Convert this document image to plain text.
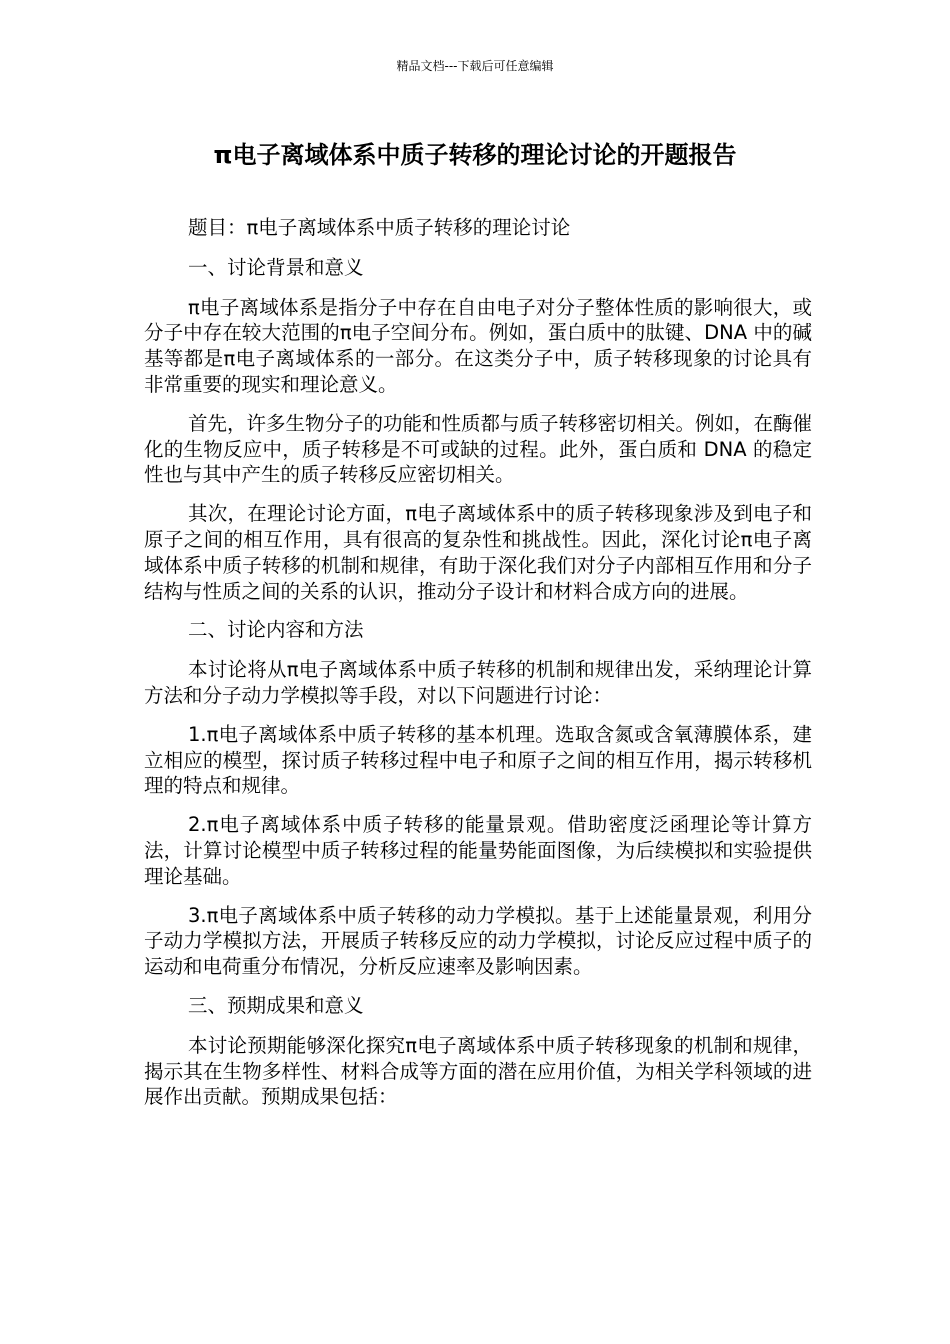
精品文档---下载后可任意编辑
π电子离域体系中质子转移的理论讨论的开题报告

题目：π电子离域体系中质子转移的理论讨论

一、讨论背景和意义

π电子离域体系是指分子中存在自由电子对分子整体性质的影响很大，或分子中存在较大范围的π电子空间分布。例如，蛋白质中的肽键、DNA 中的碱基等都是π电子离域体系的一部分。在这类分子中，质子转移现象的讨论具有非常重要的现实和理论意义。

首先，许多生物分子的功能和性质都与质子转移密切相关。例如，在酶催化的生物反应中，质子转移是不可或缺的过程。此外，蛋白质和 DNA 的稳定性也与其中产生的质子转移反应密切相关。

其次，在理论讨论方面，π电子离域体系中的质子转移现象涉及到电子和原子之间的相互作用，具有很高的复杂性和挑战性。因此，深化讨论π电子离域体系中质子转移的机制和规律，有助于深化我们对分子内部相互作用和分子结构与性质之间的关系的认识，推动分子设计和材料合成方向的进展。

二、讨论内容和方法

本讨论将从π电子离域体系中质子转移的机制和规律出发，采纳理论计算方法和分子动力学模拟等手段，对以下问题进行讨论：

1.π电子离域体系中质子转移的基本机理。选取含氮或含氧薄膜体系，建立相应的模型，探讨质子转移过程中电子和原子之间的相互作用，揭示转移机理的特点和规律。

2.π电子离域体系中质子转移的能量景观。借助密度泛函理论等计算方法，计算讨论模型中质子转移过程的能量势能面图像，为后续模拟和实验提供理论基础。

3.π电子离域体系中质子转移的动力学模拟。基于上述能量景观，利用分子动力学模拟方法，开展质子转移反应的动力学模拟，讨论反应过程中质子的运动和电荷重分布情况，分析反应速率及影响因素。

三、预期成果和意义

本讨论预期能够深化探究π电子离域体系中质子转移现象的机制和规律，揭示其在生物多样性、材料合成等方面的潜在应用价值，为相关学科领域的进展作出贡献。预期成果包括：
